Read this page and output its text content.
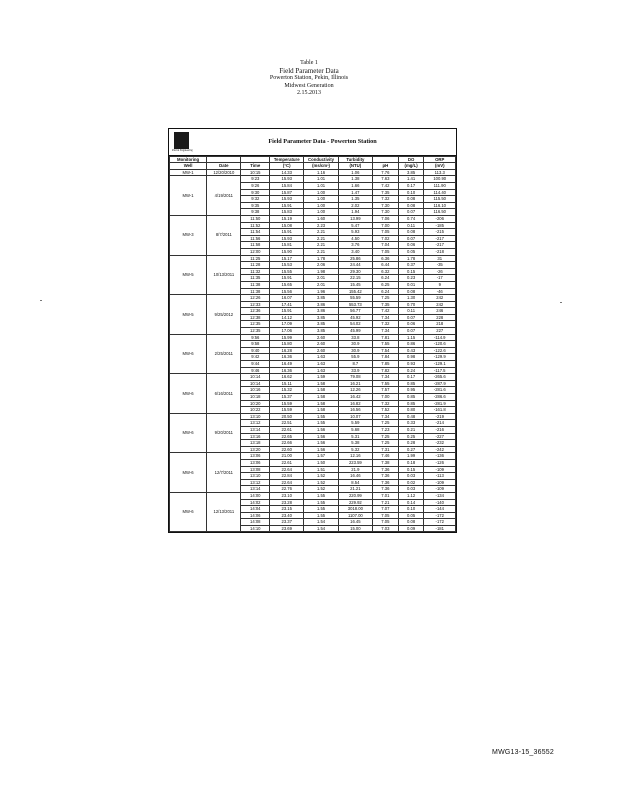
Table 1
Field Parameter Data
Powerton Station, Pekin, Illinois
Midwest Generation
2.15.2013
Patrick Engineering
Field Parameter Data - Powerton Station
Monitoring			Temperature	Conductivity	Turbidity		DO	ORP
Well	Date	Time	(°C)	(ms/cm³)	(NTU)	pH	(mg/L)	(mV)
MW-1	12/20/2010	10:15	14.33	1.16	1.06	7.76	3.85	113.3
MW-1	4/19/2011	9:23	15.93	1.01	1.38	7.63	1.41	100.90
		9:26	15.84	1.01	1.66	7.42	0.17	111.90
		9:30	15.87	1.00	1.47	7.35	0.10	114.40
		9:32	15.93	1.00	1.35	7.32	0.08	115.50
		9:35	15.91	1.00	2.02	7.30	0.08	116.10
		9:38	15.83	1.00	1.94	7.30	0.07	116.50
MW-3	8/7/2011	11:50	15.19	1.60	13.99	7.06	0.74	-206
		11:52	15.08	2.23	5.47	7.00	0.11	-185
		11:54	15.91	2.21	5.93	7.05	0.08	-215
		11:56	15.93	2.21	4.50	7.02	0.07	-217
		11:58	15.81	2.21	3.76	7.04	0.06	-217
		12:00	15.90	2.21	3.40	7.05	0.05	-218
MW-5	10/13/2011	11:25	15.17	1.78	25.86	6.36	1.78	31
		11:28	15.53	2.06	24.44	6.44	0.37	-35
		11:32	15.55	1.98	29.30	6.32	0.15	-26
		11:35	15.91	2.01	22.15	6.24	0.23	-17
		11:38	15.65	2.01	15.45	6.25	0.01	9
		11:38	15.56	1.96	155.42	6.24	0.08	-46
MW-5	9/25/2012	12:26	16.07	3.85	55.59	7.25	1.30	242
		12:33	17.41	3.86	553.73	7.35	0.70	242
		12:36	15.91	3.86	56.77	7.42	0.11	246
		12:38	14.12	3.85	45.92	7.34	0.07	228
		12:35	17.09	3.85	54.02	7.32	0.06	218
		12:35	17.06	3.85	45.99	7.34	0.07	227
MW-6	2/25/2011	9:56	15.99	2.60	33.8	7.81	1.15	-114.9
		9:58	15.80	2.60	30.9	7.55	0.86	-120.6
		9:40	16.28	2.60	30.9	7.54	0.43	-122.6
		9:42	16.36	1.63	55.9	7.84	0.98	-129.9
		9:44	16.49	1.63	8.7	7.85	0.93	-129.1
		9:46	16.36	1.63	33.9	7.82	0.24	-117.5
MW-6	6/16/2011	10:14	16.62	1.59	79.08	7.34	0.17	-265.6
		10:14	15.11	1.58	16.21	7.55	0.85	-287.9
		10:16	15.32	1.58	12.26	7.57	0.95	-281.6
		10:18	15.37	1.58	16.42	7.00	0.85	-286.6
		10:20	15.59	1.58	16.82	7.32	0.85	-281.9
		10:22	15.59	1.58	16.56	7.52	0.80	-161.8
MW-6	9/20/2011	13:10	20.50	1.55	10.07	7.34	0.48	-219
		13:12	22.51	1.55	5.59	7.25	0.33	-214
		13:14	22.61	1.56	5.68	7.23	0.21	-216
		13:16	22.65	1.56	5.31	7.25	0.25	-227
		13:18	22.66	1.56	5.38	7.25	0.28	-232
		13:20	22.60	1.56	5.32	7.31	0.27	-242
MW-6	12/7/2011	13:06	21.00	1.57	12.16	7.46	1.99	-136
		13:06	22.61	1.50	223.59	7.38	0.18	-126
		13:08	22.64	1.51	21.9	7.36	0.15	-109
		13:10	22.84	1.52	16.46	7.36	0.03	-113
		13:12	22.64	1.52	8.54	7.36	0.02	-109
		13:14	22.76	1.52	21.21	7.36	0.03	-109
MW-6	12/13/2011	14:00	23.10	1.55	220.99	7.01	1.12	-134
		14:02	23.28	1.55	229.92	7.21	0.14	-140
		14:04	23.15	1.55	3018.00	7.07	0.10	-144
		14:06	23.40	1.55	1107.00	7.05	0.05	-172
		14:08	23.37	1.54	16.45	7.05	0.08	-172
		14:10	23.69	1.54	15.00	7.03	0.09	-181
MWG13-15_36552
